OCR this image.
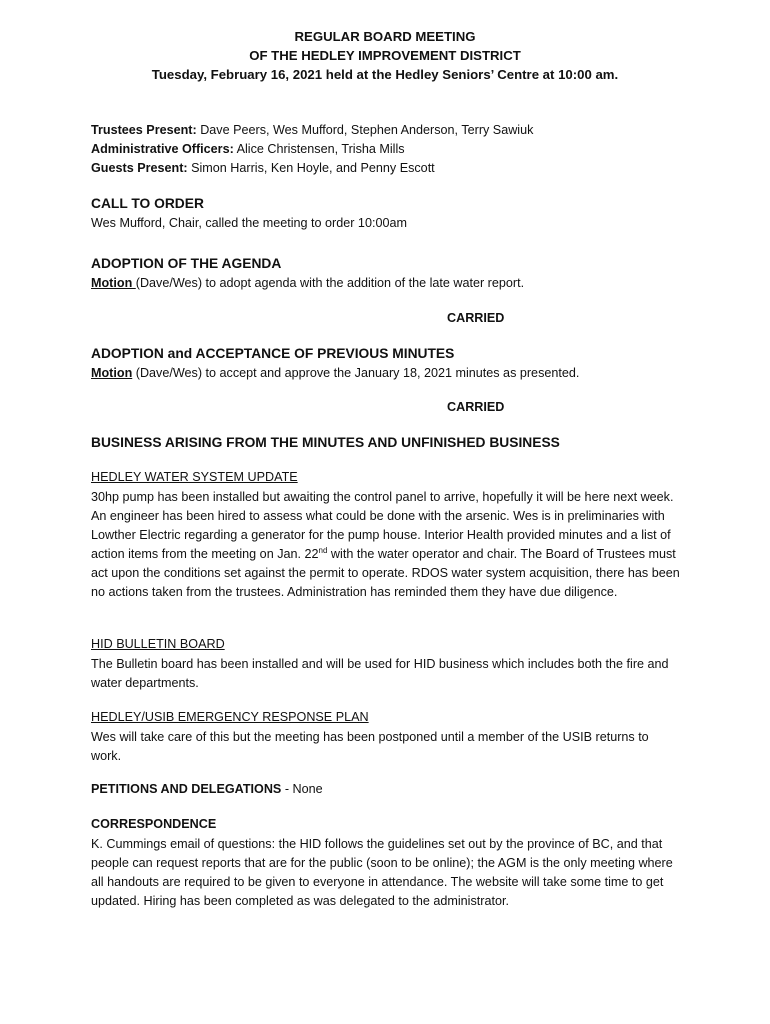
REGULAR BOARD MEETING
OF THE HEDLEY IMPROVEMENT DISTRICT
Tuesday, February 16, 2021 held at the Hedley Seniors’ Centre at 10:00 am.
Trustees Present: Dave Peers, Wes Mufford, Stephen Anderson, Terry Sawiuk
Administrative Officers: Alice Christensen, Trisha Mills
Guests Present: Simon Harris, Ken Hoyle, and Penny Escott
CALL TO ORDER
Wes Mufford, Chair, called the meeting to order 10:00am
ADOPTION OF THE AGENDA
Motion (Dave/Wes) to adopt agenda with the addition of the late water report.
CARRIED
ADOPTION and ACCEPTANCE OF PREVIOUS MINUTES
Motion (Dave/Wes) to accept and approve the January 18, 2021 minutes as presented.
CARRIED
BUSINESS ARISING FROM THE MINUTES AND UNFINISHED BUSINESS
HEDLEY WATER SYSTEM UPDATE
30hp pump has been installed but awaiting the control panel to arrive, hopefully it will be here next week. An engineer has been hired to assess what could be done with the arsenic. Wes is in preliminaries with Lowther Electric regarding a generator for the pump house. Interior Health provided minutes and a list of action items from the meeting on Jan. 22nd with the water operator and chair. The Board of Trustees must act upon the conditions set against the permit to operate. RDOS water system acquisition, there has been no actions taken from the trustees. Administration has reminded them they have due diligence.
HID BULLETIN BOARD
The Bulletin board has been installed and will be used for HID business which includes both the fire and water departments.
HEDLEY/USIB EMERGENCY RESPONSE PLAN
Wes will take care of this but the meeting has been postponed until a member of the USIB returns to work.
PETITIONS AND DELEGATIONS - None
CORRESPONDENCE
K. Cummings email of questions: the HID follows the guidelines set out by the province of BC, and that people can request reports that are for the public (soon to be online); the AGM is the only meeting where all handouts are required to be given to everyone in attendance. The website will take some time to get updated. Hiring has been completed as was delegated to the administrator.
